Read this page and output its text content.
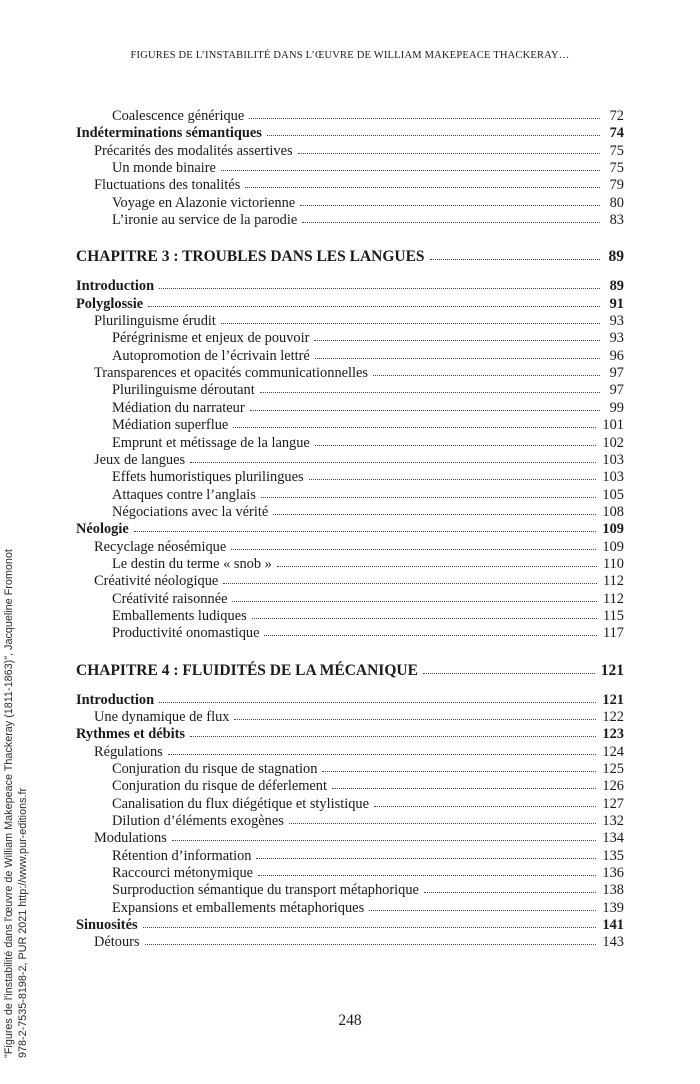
FIGURES DE L’INSTABILITÉ DANS L’ŒUVRE DE WILLIAM MAKEPEACE THACKERAY…
Coalescence générique	72
Indéterminations sémantiques	74
Précarités des modalités assertives	75
Un monde binaire	75
Fluctuations des tonalités	79
Voyage en Alazonie victorienne	80
L’ironie au service de la parodie	83
CHAPITRE 3 : TROUBLES DANS LES LANGUES	89
Introduction	89
Polyglossie	91
Plurilinguisme érudit	93
Pérégrinisme et enjeux de pouvoir	93
Autopromotion de l’écrivain lettré	96
Transparences et opacités communicationnelles	97
Plurilinguisme déroutant	97
Médiation du narrateur	99
Médiation superflue	101
Emprunt et métissage de la langue	102
Jeux de langues	103
Effets humoristiques plurilingues	103
Attaques contre l’anglais	105
Négociations avec la vérité	108
Néologie	109
Recyclage néosémique	109
Le destin du terme « snob »	110
Créativité néologique	112
Créativité raisonnée	112
Emballements ludiques	115
Productivité onomastique	117
CHAPITRE 4 : FLUIDITÉS DE LA MÉCANIQUE	121
Introduction	121
Une dynamique de flux	122
Rythmes et débits	123
Régulations	124
Conjuration du risque de stagnation	125
Conjuration du risque de déferlement	126
Canalisation du flux diégétique et stylistique	127
Dilution d’éléments exogènes	132
Modulations	134
Rétention d’information	135
Raccourci métonymique	136
Surproduction sémantique du transport métaphorique	138
Expansions et emballements métaphoriques	139
Sinuosités	141
Détours	143
248
"Figures de l'instabilité dans l'œuvre de William Makepeace Thackeray (1811-1863)", Jacqueline Fromonot 978-2-7535-8198-2, PUR 2021 http://www.pur-editions.fr
